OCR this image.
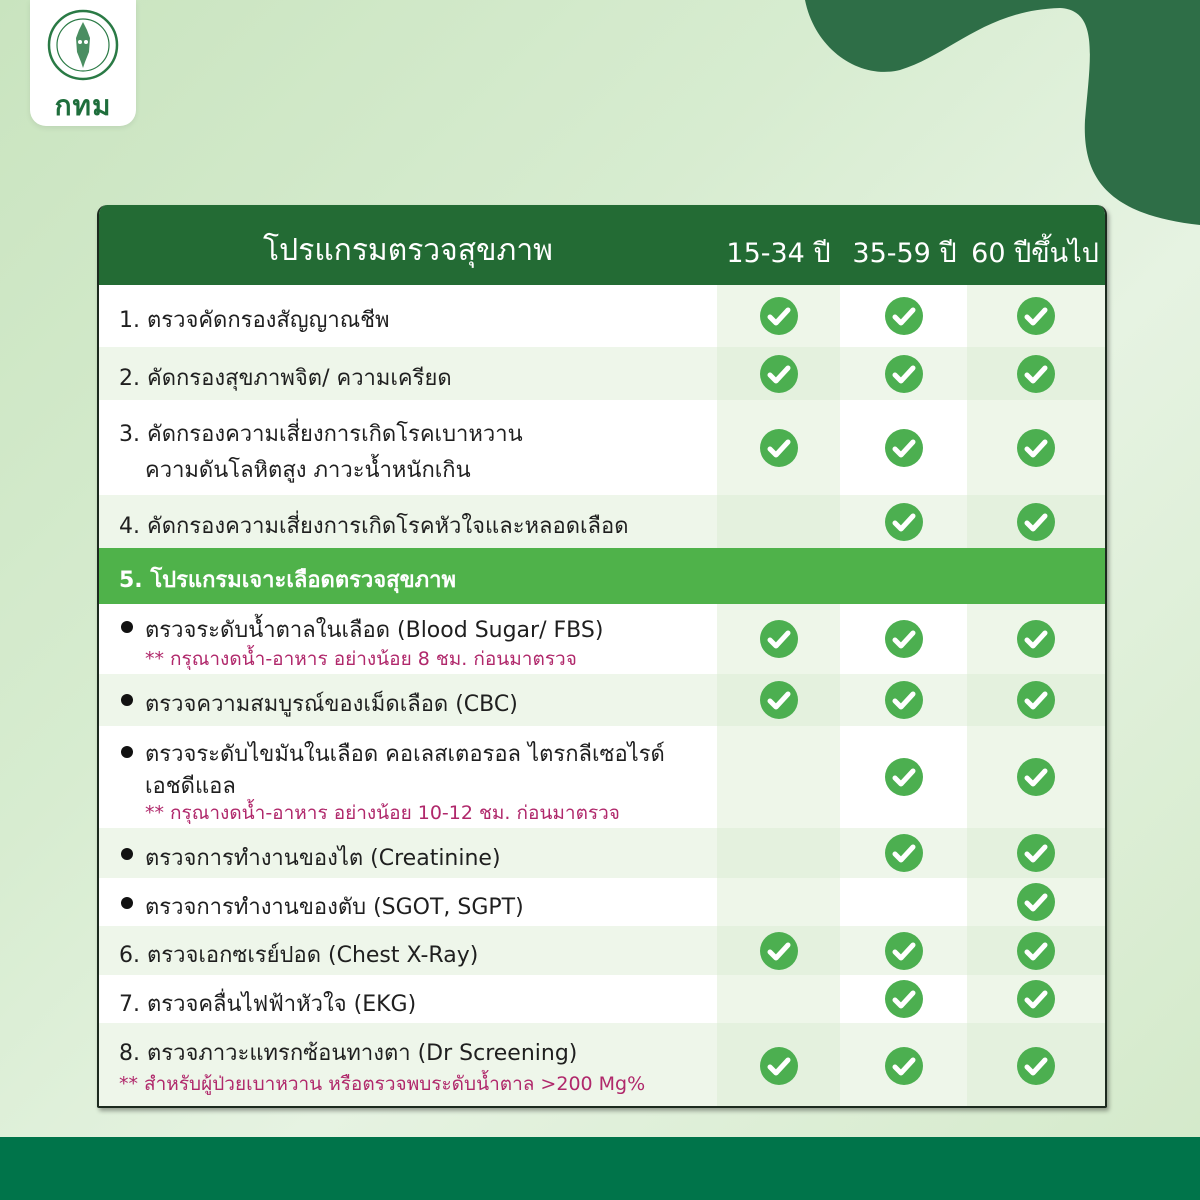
กทม
โปรแกรมตรวจสุขภาพ	15-34 ปี 35-59 ปี 60 ปีขึ้นไป
1. ตรวจคัดกรองสัญญาณชีพ
2. คัดกรองสุขภาพจิต/ ความเครียด
3. คัดกรองความเสี่ยงการเกิดโรคเบาหวาน
ความดันโลหิตสูง ภาวะน้ำหนักเกิน
4. คัดกรองความเสี่ยงการเกิดโรคหัวใจและหลอดเลือด
5. โปรแกรมเจาะเลือดตรวจสุขภาพ
ตรวจระดับน้ำตาลในเลือด (Blood Sugar/ FBS)
** กรุณางดน้ำ-อาหาร อย่างน้อย 8 ชม. ก่อนมาตรวจ
ตรวจความสมบูรณ์ของเม็ดเลือด (CBC)
ตรวจระดับไขมันในเลือด คอเลสเตอรอล ไตรกลีเซอไรด์
เอชดีแอล
** กรุณางดน้ำ-อาหาร อย่างน้อย 10-12 ชม. ก่อนมาตรวจ
ตรวจการทำงานของไต (Creatinine)
ตรวจการทำงานของตับ (SGOT, SGPT)
6. ตรวจเอกซเรย์ปอด (Chest X-Ray)
7. ตรวจคลื่นไฟฟ้าหัวใจ (EKG)
8. ตรวจภาวะแทรกซ้อนทางตา (Dr Screening)
** สำหรับผู้ป่วยเบาหวาน หรือตรวจพบระดับน้ำตาล >200 Mg%
